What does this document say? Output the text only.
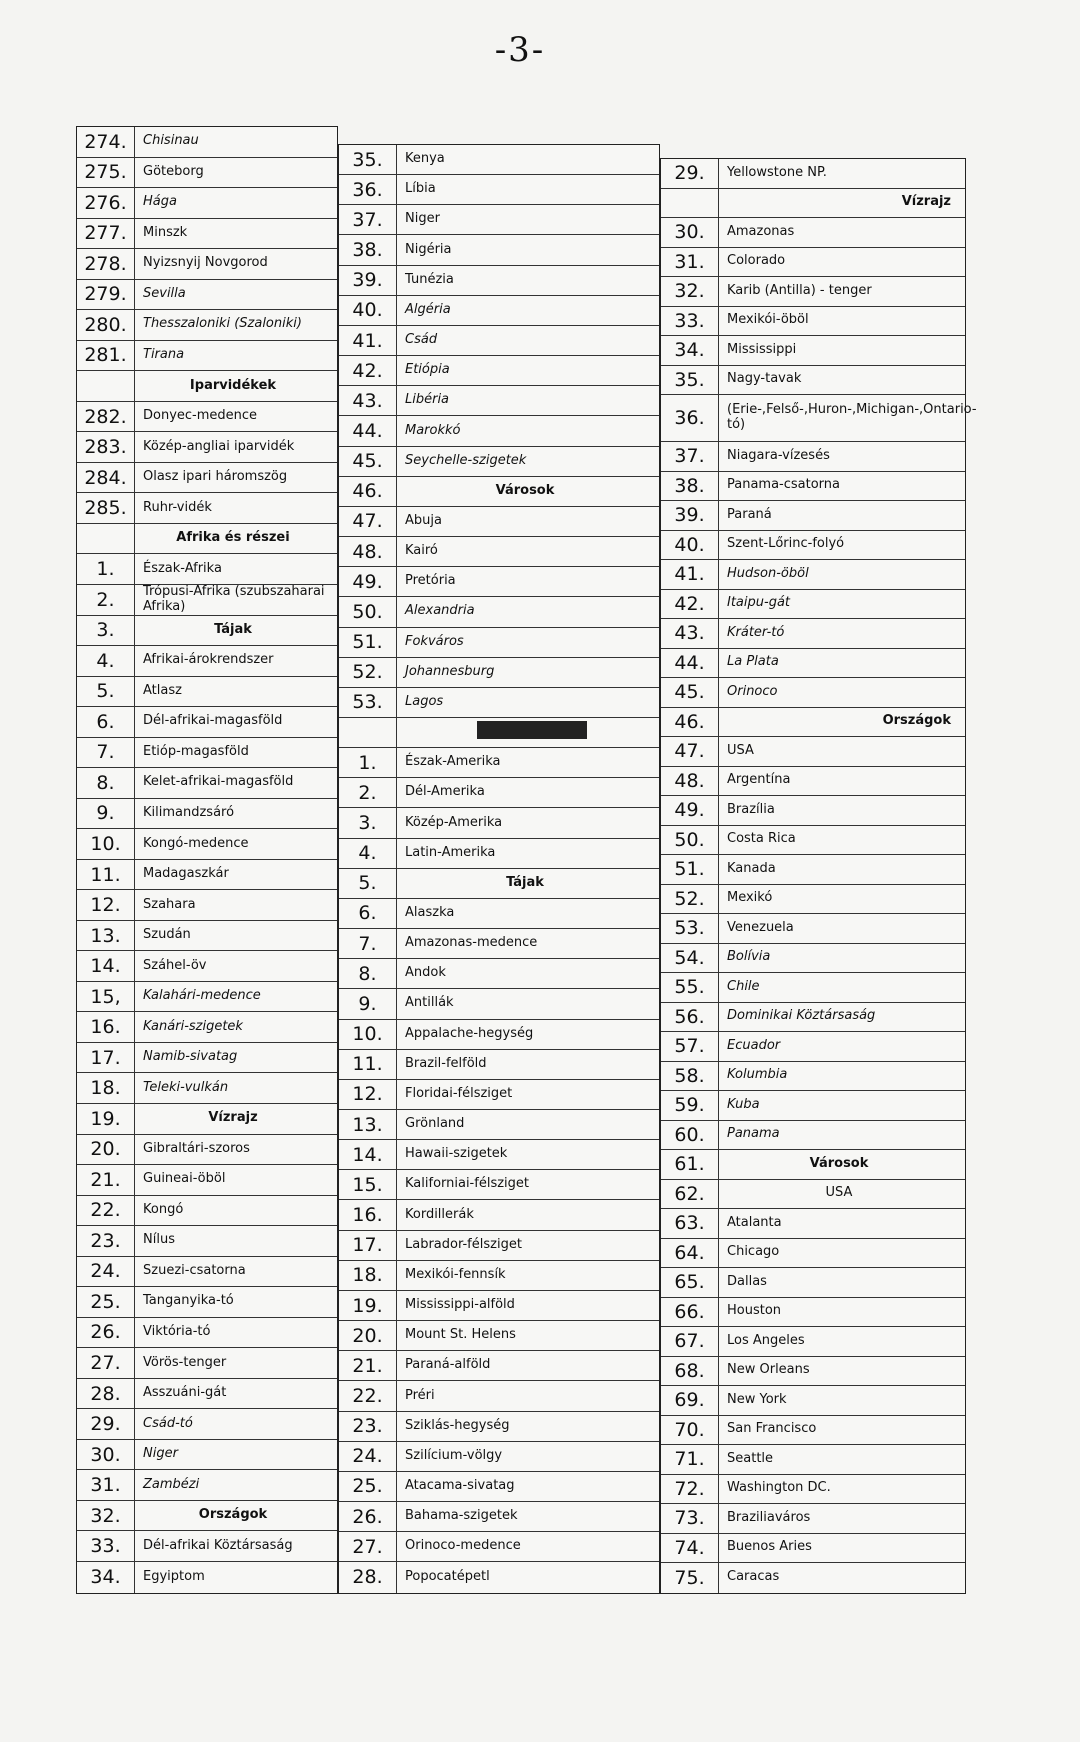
-3-
274.	Chisinau
275.	Göteborg
276.	Hága
277.	Minszk
278.	Nyizsnyij Novgorod
279.	Sevilla
280.	Thesszaloniki (Szaloniki)
281.	Tirana
Iparvidékek
282.	Donyec-medence
283.	Közép-angliai iparvidék
284.	Olasz ipari háromszög
285.	Ruhr-vidék
Afrika és részei
1.	Észak-Afrika
2.	Trópusi-Afrika (szubszaharai Afrika)
3.	Tájak
4.	Afrikai-árokrendszer
5.	Atlasz
6.	Dél-afrikai-magasföld
7.	Etióp-magasföld
8.	Kelet-afrikai-magasföld
9.	Kilimandzsáró
10.	Kongó-medence
11.	Madagaszkár
12.	Szahara
13.	Szudán
14.	Száhel-öv
15,	Kalahári-medence
16.	Kanári-szigetek
17.	Namib-sivatag
18.	Teleki-vulkán
19.	Vízrajz
20.	Gibraltári-szoros
21.	Guineai-öböl
22.	Kongó
23.	Nílus
24.	Szuezi-csatorna
25.	Tanganyika-tó
26.	Viktória-tó
27.	Vörös-tenger
28.	Asszuáni-gát
29.	Csád-tó
30.	Niger
31.	Zambézi
32.	Országok
33.	Dél-afrikai Köztársaság
34.	Egyiptom
35.	Kenya
36.	Líbia
37.	Niger
38.	Nigéria
39.	Tunézia
40.	Algéria
41.	Csád
42.	Etiópia
43.	Libéria
44.	Marokkó
45.	Seychelle-szigetek
46.	Városok
47.	Abuja
48.	Kairó
49.	Pretória
50.	Alexandria
51.	Fokváros
52.	Johannesburg
53.	Lagos
1.	Észak-Amerika
2.	Dél-Amerika
3.	Közép-Amerika
4.	Latin-Amerika
5.	Tájak
6.	Alaszka
7.	Amazonas-medence
8.	Andok
9.	Antillák
10.	Appalache-hegység
11.	Brazil-felföld
12.	Floridai-félsziget
13.	Grönland
14.	Hawaii-szigetek
15.	Kaliforniai-félsziget
16.	Kordillerák
17.	Labrador-félsziget
18.	Mexikói-fennsík
19.	Mississippi-alföld
20.	Mount St. Helens
21.	Paraná-alföld
22.	Préri
23.	Sziklás-hegység
24.	Szilícium-völgy
25.	Atacama-sivatag
26.	Bahama-szigetek
27.	Orinoco-medence
28.	Popocatépetl
29.	Yellowstone NP.
Vízrajz
30.	Amazonas
31.	Colorado
32.	Karib (Antilla) - tenger
33.	Mexikói-öböl
34.	Mississippi
35.	Nagy-tavak
36.	(Erie-,Felső-,Huron-,Michigan-,Ontario-tó)
37.	Niagara-vízesés
38.	Panama-csatorna
39.	Paraná
40.	Szent-Lőrinc-folyó
41.	Hudson-öböl
42.	Itaipu-gát
43.	Kráter-tó
44.	La Plata
45.	Orinoco
46.	Országok
47.	USA
48.	Argentína
49.	Brazília
50.	Costa Rica
51.	Kanada
52.	Mexikó
53.	Venezuela
54.	Bolívia
55.	Chile
56.	Dominikai Köztársaság
57.	Ecuador
58.	Kolumbia
59.	Kuba
60.	Panama
61.	Városok
62.	USA
63.	Atalanta
64.	Chicago
65.	Dallas
66.	Houston
67.	Los Angeles
68.	New Orleans
69.	New York
70.	San Francisco
71.	Seattle
72.	Washington DC.
73.	Braziliaváros
74.	Buenos Aries
75.	Caracas
